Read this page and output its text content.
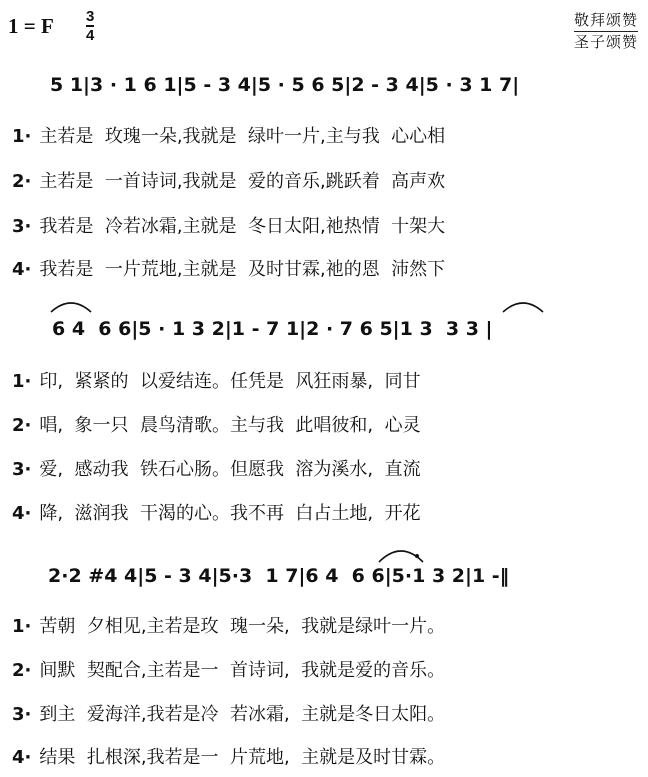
1 = F 3
4
敬拜颂赞
圣子颂赞
5 1|3 · 1 6 1|5 - 3 4|5 · 5 6 5|2 - 3 4|5 · 3 1 7|
1· 主若是  玫瑰一朵,我就是  绿叶一片,主与我  心心相
2· 主若是  一首诗词,我就是  爱的音乐,跳跃着  高声欢
3· 我若是  冷若冰霜,主就是  冬日太阳,祂热情  十架大
4· 我若是  一片荒地,主就是  及时甘霖,祂的恩  沛然下
6 4  6 6|5 · 1 3 2|1 - 7 1|2 · 7 6 5|1 3  3 3 |
1· 印,  紧紧的  以爱结连。任凭是  风狂雨暴,  同甘
2· 唱,  象一只  晨鸟清歌。主与我  此唱彼和,  心灵
3· 爱,  感动我  铁石心肠。但愿我  溶为溪水,  直流
4· 降,  滋润我  干渴的心。我不再  白占土地,  开花
2·2 #4 4|5 - 3 4|5·3  1 7|6 4  6 6|5·1 3 2|1 -‖
1· 苦朝  夕相见,主若是玫  瑰一朵,  我就是绿叶一片。
2· 间默  契配合,主若是一  首诗词,  我就是爱的音乐。
3· 到主  爱海洋,我若是冷  若冰霜,  主就是冬日太阳。
4· 结果  扎根深,我若是一  片荒地,  主就是及时甘霖。
